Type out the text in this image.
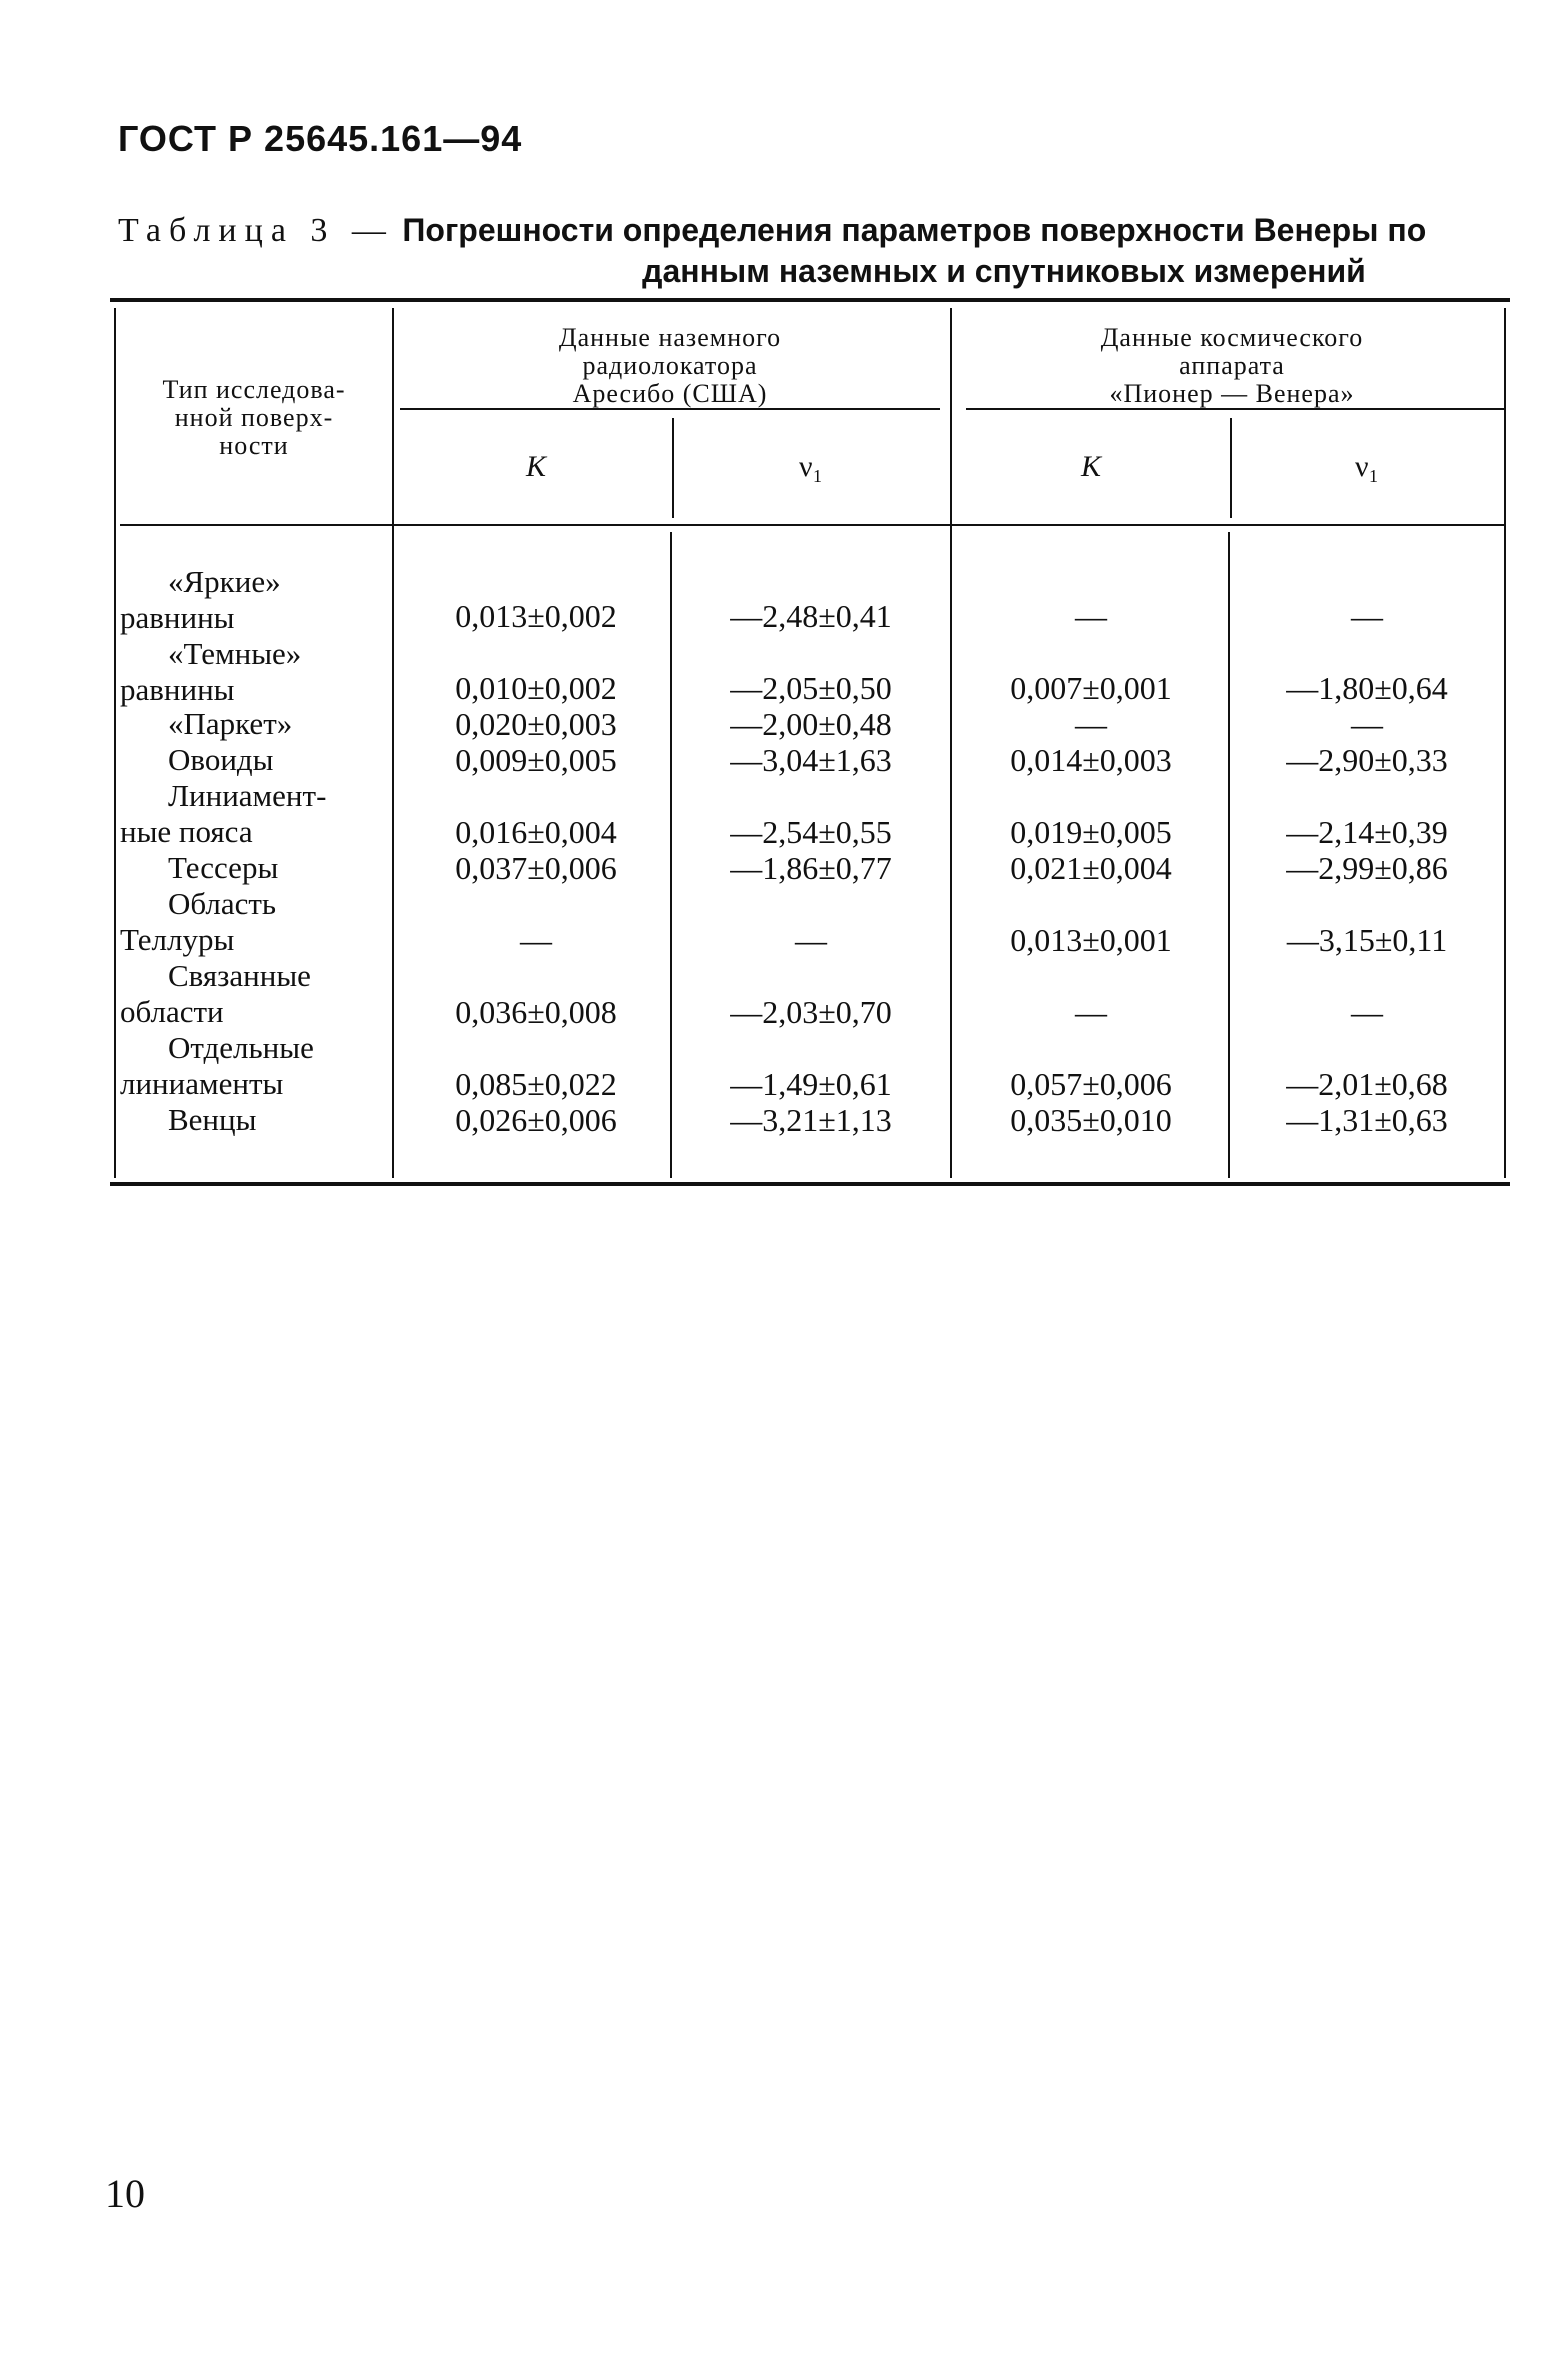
ГОСТ Р 25645.161—94
Таблица 3 — Погрешности определения параметров поверхности Венеры по
данным наземных и спутниковых измерений
Тип исследова-
нной поверх-
ности
Данные наземного
радиолокатора
Аресибо (США)
Данные космического
аппарата
«Пионер — Венера»
K	ν₁	K	ν₁
«Яркие»
равнины	0,013±0,002	—2,48±0,41	—	—
«Темные»
равнины	0,010±0,002	—2,05±0,50	0,007±0,001	—1,80±0,64
«Паркет»	0,020±0,003	—2,00±0,48	—	—
Овоиды	0,009±0,005	—3,04±1,63	0,014±0,003	—2,90±0,33
Линиамент-
ные пояса	0,016±0,004	—2,54±0,55	0,019±0,005	—2,14±0,39
Тессеры	0,037±0,006	—1,86±0,77	0,021±0,004	—2,99±0,86
Область
Теллуры	—	—	0,013±0,001	—3,15±0,11
Связанные
области	0,036±0,008	—2,03±0,70	—	—
Отдельные
линиаменты	0,085±0,022	—1,49±0,61	0,057±0,006	—2,01±0,68
Венцы	0,026±0,006	—3,21±1,13	0,035±0,010	—1,31±0,63
10
